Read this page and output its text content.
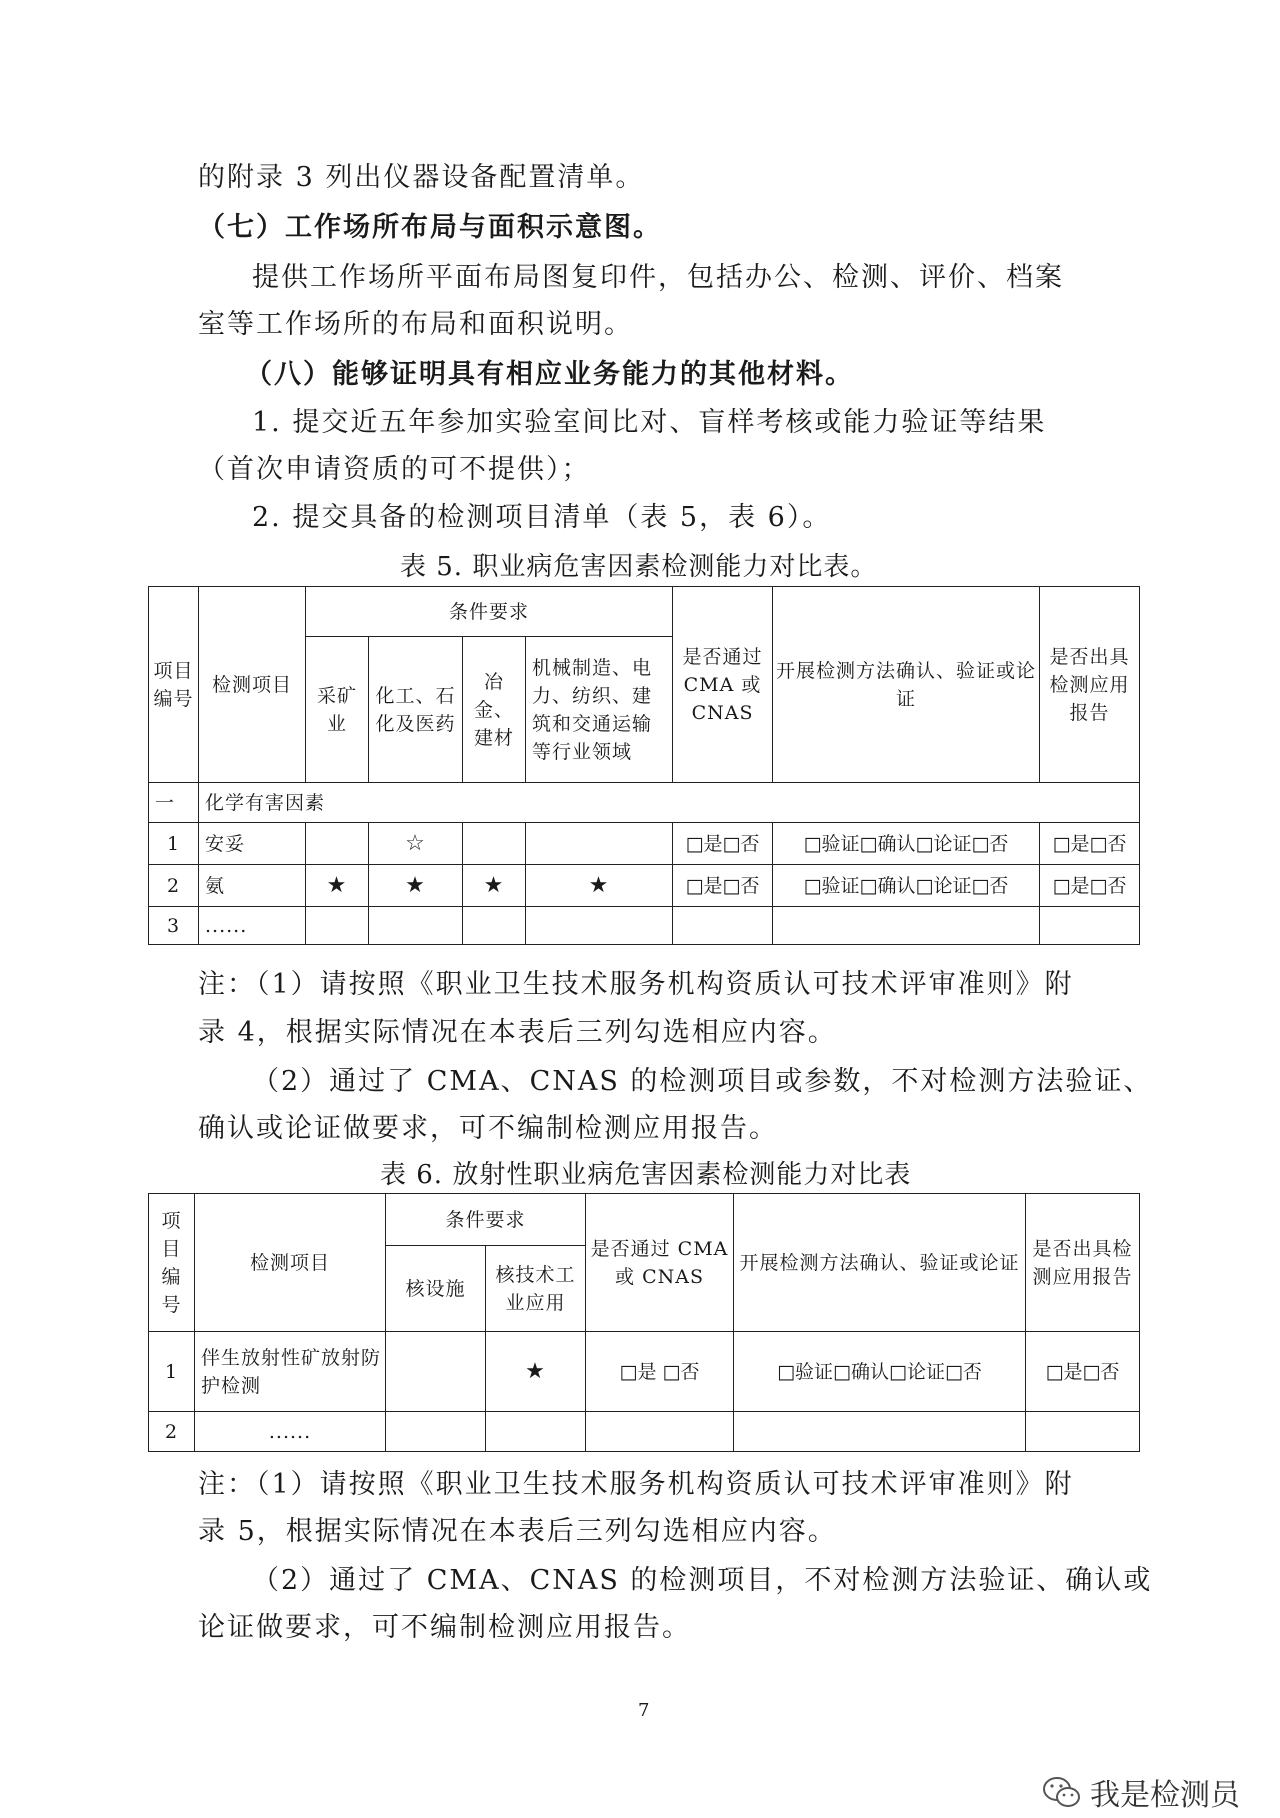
的附录 3 列出仪器设备配置清单。
（七）工作场所布局与面积示意图。
提供工作场所平面布局图复印件，包括办公、检测、评价、档案
室等工作场所的布局和面积说明。
（八）能够证明具有相应业务能力的其他材料。
1. 提交近五年参加实验室间比对、盲样考核或能力验证等结果
（首次申请资质的可不提供）；
2. 提交具备的检测项目清单（表 5，表 6）。
表 5. 职业病危害因素检测能力对比表。
项目编号	检测项目	条件要求				是否通过 CMA 或 CNAS	开展检测方法确认、验证或论证	是否出具检测应用报告
		采矿业	化工、石化及医药	冶金、建材	机械制造、电力、纺织、建筑和交通运输等行业领域			
一	化学有害因素							
1	安妥		☆			□是□否	□验证□确认□论证□否	□是□否
2	氨	★	★	★	★	□是□否	□验证□确认□论证□否	□是□否
3	......							
注：（1）请按照《职业卫生技术服务机构资质认可技术评审准则》附
录 4，根据实际情况在本表后三列勾选相应内容。
（2）通过了 CMA、CNAS 的检测项目或参数，不对检测方法验证、
确认或论证做要求，可不编制检测应用报告。
表 6. 放射性职业病危害因素检测能力对比表
项目编号	检测项目	条件要求		是否通过 CMA 或 CNAS	开展检测方法确认、验证或论证	是否出具检测应用报告
		核设施	核技术工业应用			
1	伴生放射性矿放射防护检测		★	□是 □否	□验证□确认□论证□否	□是□否
2	......					
注：（1）请按照《职业卫生技术服务机构资质认可技术评审准则》附
录 5，根据实际情况在本表后三列勾选相应内容。
（2）通过了 CMA、CNAS 的检测项目，不对检测方法验证、确认或
论证做要求，可不编制检测应用报告。
7
我是检测员
